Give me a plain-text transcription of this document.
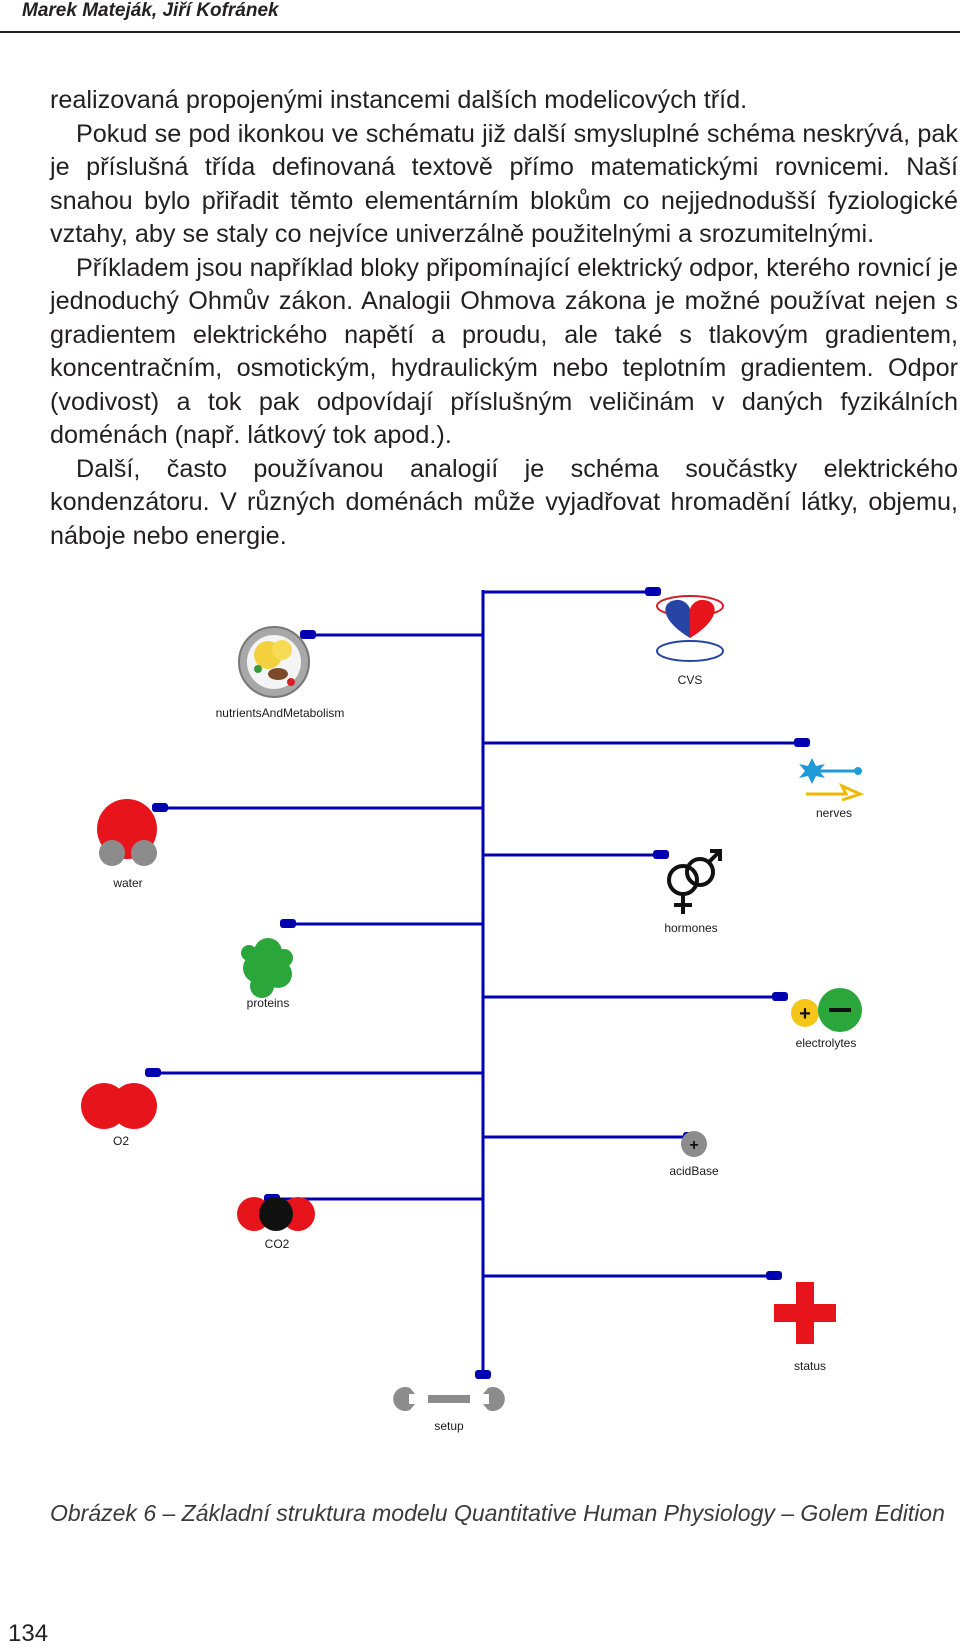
Marek Mateják, Jiří Kofránek

realizovaná propojenými instancemi dalších modelicových tříd.

Pokud se pod ikonkou ve schématu již další smysluplné schéma neskrývá, pak je příslušná třída definovaná textově přímo matematickými rovnicemi. Naší snahou bylo přiřadit těmto elementárním blokům co nejjednodušší fyziologické vztahy, aby se staly co nejvíce univerzálně použitelnými a srozumitelnými.

Příkladem jsou například bloky připomínající elektrický odpor, kterého rovnicí je jednoduchý Ohmův zákon. Analogii Ohmova zákona je možné používat nejen s gradientem elektrického napětí a proudu, ale také s tlakovým gradientem, koncentračním, osmotickým, hydraulickým nebo teplotním gradientem. Odpor (vodivost) a tok pak odpovídají příslušným veličinám v daných fyzikálních doménách (např. látkový tok apod.).

Další, často používanou analogií je schéma součástky elektrického kondenzátoru. V různých doménách může vyjadřovat hromadění látky, objemu, náboje nebo energie.

CVS
nutrientsAndMetabolism
nerves
water
hormones
proteins	+
electrolytes
O2	+
acidBase
CO2
status
setup
Obrázek 6 – Základní struktura modelu Quantitative Human Physiology – Golem Edition
134
